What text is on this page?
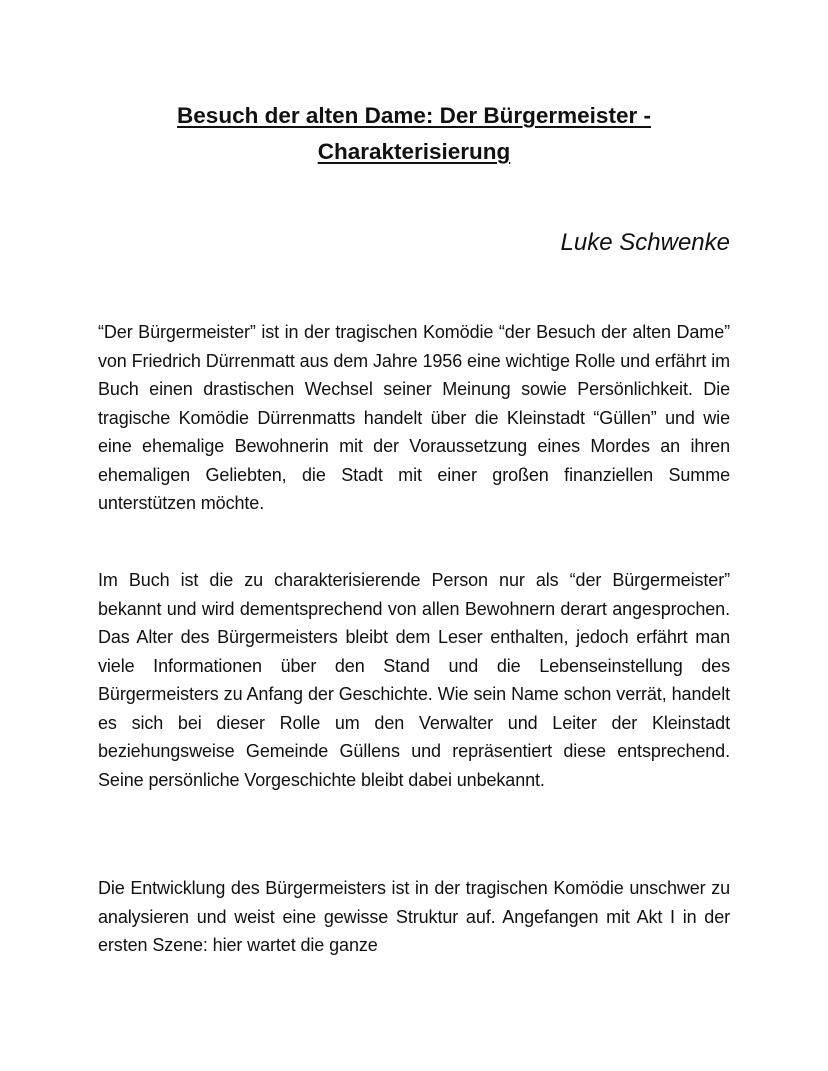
Besuch der alten Dame: Der Bürgermeister -
Charakterisierung

Luke Schwenke

“Der Bürgermeister” ist in der tragischen Komödie “der Besuch der alten Dame” von Friedrich Dürrenmatt aus dem Jahre 1956 eine wichtige Rolle und erfährt im Buch einen drastischen Wechsel seiner Meinung sowie Persönlichkeit. Die tragische Komödie Dürrenmatts handelt über die Kleinstadt “Güllen” und wie eine ehemalige Bewohnerin mit der Voraussetzung eines Mordes an ihren ehemaligen Geliebten, die Stadt mit einer großen finanziellen Summe unterstützen möchte.

Im Buch ist die zu charakterisierende Person nur als “der Bürgermeister” bekannt und wird dementsprechend von allen Bewohnern derart angesprochen. Das Alter des Bürgermeisters bleibt dem Leser enthalten, jedoch erfährt man viele Informationen über den Stand und die Lebenseinstellung des Bürgermeisters zu Anfang der Geschichte. Wie sein Name schon verrät, handelt es sich bei dieser Rolle um den Verwalter und Leiter der Kleinstadt beziehungsweise Gemeinde Güllens und repräsentiert diese entsprechend. Seine persönliche Vorgeschichte bleibt dabei unbekannt.

Die Entwicklung des Bürgermeisters ist in der tragischen Komödie unschwer zu analysieren und weist eine gewisse Struktur auf. Angefangen mit Akt I in der ersten Szene: hier wartet die ganze
